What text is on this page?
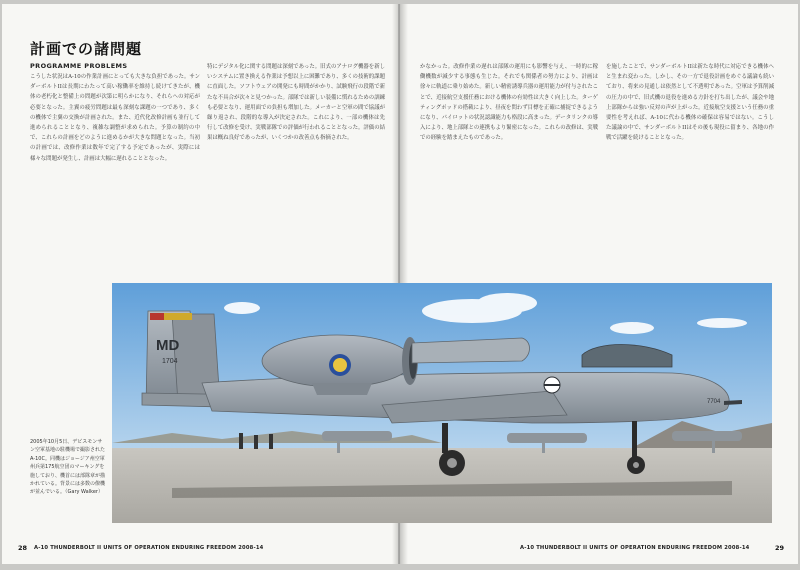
計画での諸問題
PROGRAMME PROBLEMS
こうした状況はA-10の作業計画にとっても大きな負担であった。サンダーボルトIIは長期にわたって高い稼働率を維持し続けてきたが、機体の老朽化と整備上の問題が次第に明らかになり、それらへの対応が必要となった。主翼の疲労問題は最も深刻な課題の一つであり、多くの機体で主翼の交換が計画された。また、近代化改修計画も並行して進められることとなり、複雑な調整が求められた。予算の制約の中で、これらの計画をどのように進めるかが大きな問題となった。当初の計画では、改修作業は数年で完了する予定であったが、実際には様々な問題が発生し、計画は大幅に遅れることとなった。
特にデジタル化に関する問題は深刻であった。旧式のアナログ機器を新しいシステムに置き換える作業は予想以上に困難であり、多くの技術的課題に直面した。ソフトウェアの開発にも時間がかかり、試験飛行の段階で新たな不具合が次々と見つかった。部隊では新しい装備に慣れるための訓練も必要となり、運用面での負担も増加した。メーカーと空軍の間で協議が繰り返され、段階的な導入が決定された。これにより、一部の機体は先行して改修を受け、実戦部隊での評価が行われることとなった。評価の結果は概ね良好であったが、いくつかの改善点も指摘された。
かなかった。改修作業の遅れは部隊の運用にも影響を与え、一時的に稼働機数が減少する事態も生じた。それでも関係者の努力により、計画は徐々に軌道に乗り始めた。新しい精密誘導兵器の運用能力が付与されたことで、近接航空支援任務における機体の有効性は大きく向上した。ターゲティングポッドの搭載により、昼夜を問わず目標を正確に捕捉できるようになり、パイロットの状況認識能力も格段に高まった。データリンクの導入により、地上部隊との連携もより緊密になった。これらの改修は、実戦での経験を踏まえたものであった。
を施したことで、サンダーボルトIIは新たな時代に対応できる機体へと生まれ変わった。しかし、その一方で退役計画をめぐる議論も続いており、将来の見通しは依然として不透明であった。空軍は予算削減の圧力の中で、旧式機の退役を進める方針を打ち出したが、議会や地上部隊からは強い反対の声が上がった。近接航空支援という任務の重要性を考えれば、A-10に代わる機体の確保は容易ではない。こうした議論の中で、サンダーボルトIIはその後も現役に留まり、各地の作戦で活躍を続けることとなった。
MD
1704
7704
2005年10月5日、デビスモンサン空軍基地の駐機場で撮影されたA-10C。同機はジョージア州空軍州兵第175航空団のマーキングを施しており、機首には部隊章が描かれている。背景には多数の僚機が並んでいる。（Gary Walker）
28 A-10 THUNDERBOLT II UNITS OF OPERATION ENDURING FREEDOM 2008-14	A-10 THUNDERBOLT II UNITS OF OPERATION ENDURING FREEDOM 2008-14	29
